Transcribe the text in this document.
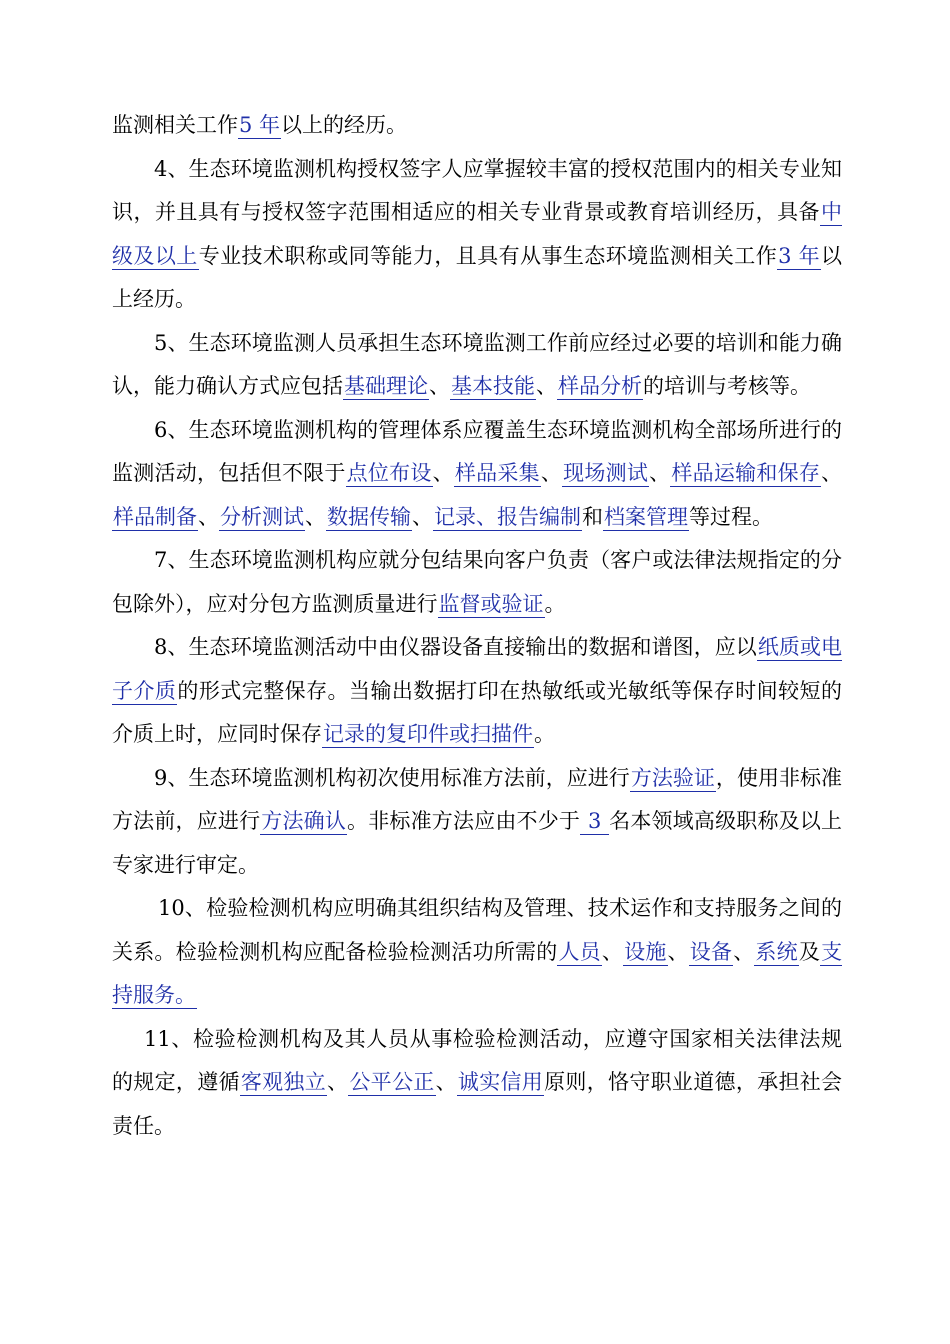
监测相关工作5 年以上的经历。

4、生态环境监测机构授权签字人应掌握较丰富的授权范围内的相关专业知识，并且具有与授权签字范围相适应的相关专业背景或教育培训经历，具备中级及以上专业技术职称或同等能力，且具有从事生态环境监测相关工作3 年以上经历。

5、生态环境监测人员承担生态环境监测工作前应经过必要的培训和能力确认，能力确认方式应包括基础理论、基本技能、样品分析的培训与考核等。

6、生态环境监测机构的管理体系应覆盖生态环境监测机构全部场所进行的监测活动，包括但不限于点位布设、样品采集、现场测试、样品运输和保存、样品制备、分析测试、数据传输、记录、报告编制和档案管理等过程。

7、生态环境监测机构应就分包结果向客户负责（客户或法律法规指定的分包除外），应对分包方监测质量进行监督或验证。

8、生态环境监测活动中由仪器设备直接输出的数据和谱图，应以纸质或电子介质的形式完整保存。当输出数据打印在热敏纸或光敏纸等保存时间较短的介质上时，应同时保存记录的复印件或扫描件。

9、生态环境监测机构初次使用标准方法前，应进行方法验证，使用非标准方法前，应进行方法确认。非标准方法应由不少于 3 名本领域高级职称及以上专家进行审定。

10、检验检测机构应明确其组织结构及管理、技术运作和支持服务之间的关系。检验检测机构应配备检验检测活功所需的人员、设施、设备、系统及支持服务。

11、检验检测机构及其人员从事检验检测活动，应遵守国家相关法律法规的规定，遵循客观独立、公平公正、诚实信用原则，恪守职业道德，承担社会责任。
